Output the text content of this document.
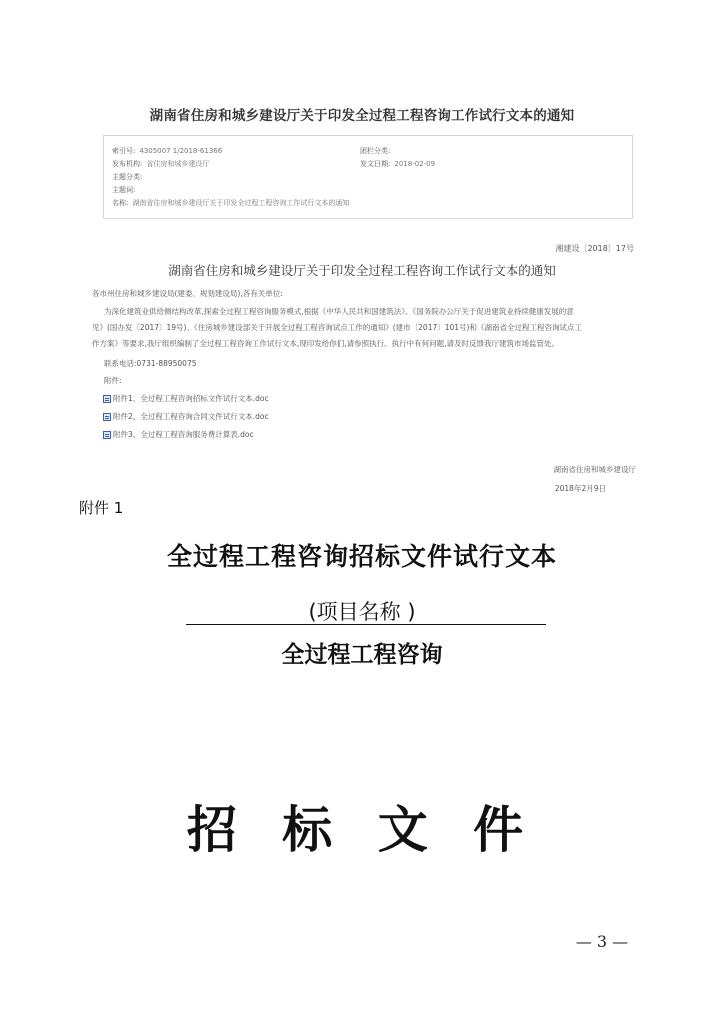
湖南省住房和城乡建设厅关于印发全过程工程咨询工作试行文本的通知
索引号: 4305007 1/2018-61366	团栏分类:
发布机构: 省住房和城乡建设厅	发文日期: 2018-02-09
主题分类:
主题词:
名称: 湖南省住房和城乡建设厅关于印发全过程工程咨询工作试行文本的通知
湘建设〔2018〕17号
湖南省住房和城乡建设厅关于印发全过程工程咨询工作试行文本的通知
各市州住房和城乡建设局(建委、规划建设局),各有关单位:
为深化建筑业供给侧结构改革,探索全过程工程咨询服务模式,根据《中华人民共和国建筑法》、《国务院办公厅关于促进建筑业持续健康发展的意
见》(国办发〔2017〕19号)、《住房城乡建设部关于开展全过程工程咨询试点工作的通知》(建市〔2017〕101号)和《湖南省全过程工程咨询试点工
作方案》等要求,我厅组织编制了全过程工程咨询工作试行文本,现印发给你们,请参照执行。执行中有何问题,请及时反馈我厅建筑市场监管处。
联系电话:0731-88950075
附件:
附件1、全过程工程咨询招标文件试行文本.doc
附件2、全过程工程咨询合同文件试行文本.doc
附件3、全过程工程咨询服务费计算表.doc
湖南省住房和城乡建设厅
2018年2月9日
附件 1
全过程工程咨询招标文件试行文本
(项目名称 )
全过程工程咨询
招 标 文 件
— 3 —
